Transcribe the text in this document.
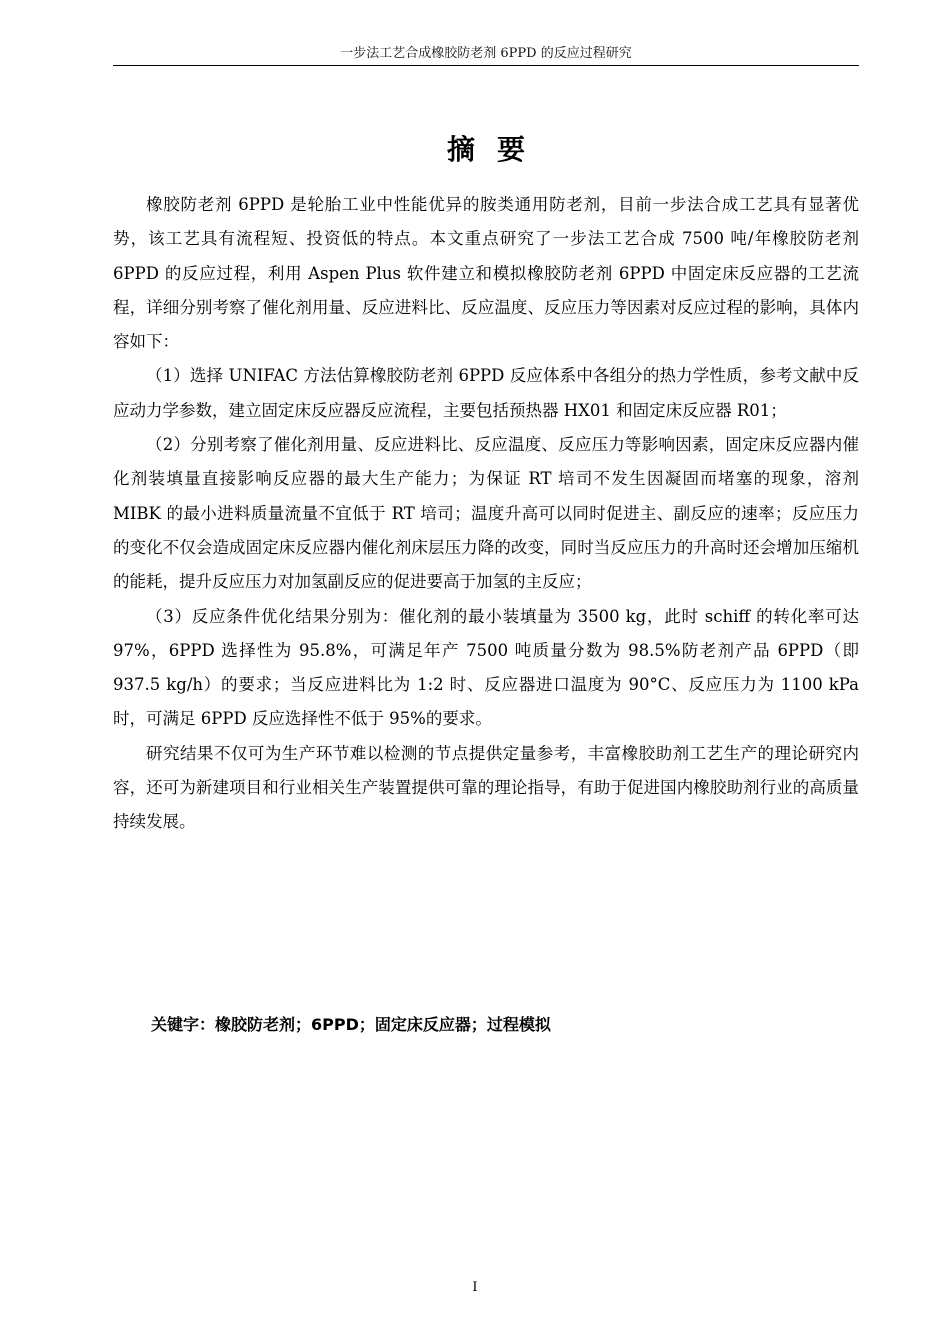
一步法工艺合成橡胶防老剂 6PPD 的反应过程研究
摘要

橡胶防老剂 6PPD 是轮胎工业中性能优异的胺类通用防老剂，目前一步法合成工艺具有显著优势，该工艺具有流程短、投资低的特点。本文重点研究了一步法工艺合成 7500 吨/年橡胶防老剂 6PPD 的反应过程，利用 Aspen Plus 软件建立和模拟橡胶防老剂 6PPD 中固定床反应器的工艺流程，详细分别考察了催化剂用量、反应进料比、反应温度、反应压力等因素对反应过程的影响，具体内容如下：

（1）选择 UNIFAC 方法估算橡胶防老剂 6PPD 反应体系中各组分的热力学性质，参考文献中反应动力学参数，建立固定床反应器反应流程，主要包括预热器 HX01 和固定床反应器 R01；

（2）分别考察了催化剂用量、反应进料比、反应温度、反应压力等影响因素，固定床反应器内催化剂装填量直接影响反应器的最大生产能力；为保证 RT 培司不发生因凝固而堵塞的现象，溶剂 MIBK 的最小进料质量流量不宜低于 RT 培司；温度升高可以同时促进主、副反应的速率；反应压力的变化不仅会造成固定床反应器内催化剂床层压力降的改变，同时当反应压力的升高时还会增加压缩机的能耗，提升反应压力对加氢副反应的促进要高于加氢的主反应；

（3）反应条件优化结果分别为：催化剂的最小装填量为 3500 kg，此时 schiff 的转化率可达 97%，6PPD 选择性为 95.8%，可满足年产 7500 吨质量分数为 98.5%防老剂产品 6PPD（即 937.5 kg/h）的要求；当反应进料比为 1:2 时、反应器进口温度为 90°C、反应压力为 1100 kPa 时，可满足 6PPD 反应选择性不低于 95%的要求。

研究结果不仅可为生产环节难以检测的节点提供定量参考，丰富橡胶助剂工艺生产的理论研究内容，还可为新建项目和行业相关生产装置提供可靠的理论指导，有助于促进国内橡胶助剂行业的高质量持续发展。

关键字：橡胶防老剂；6PPD；固定床反应器；过程模拟
I
